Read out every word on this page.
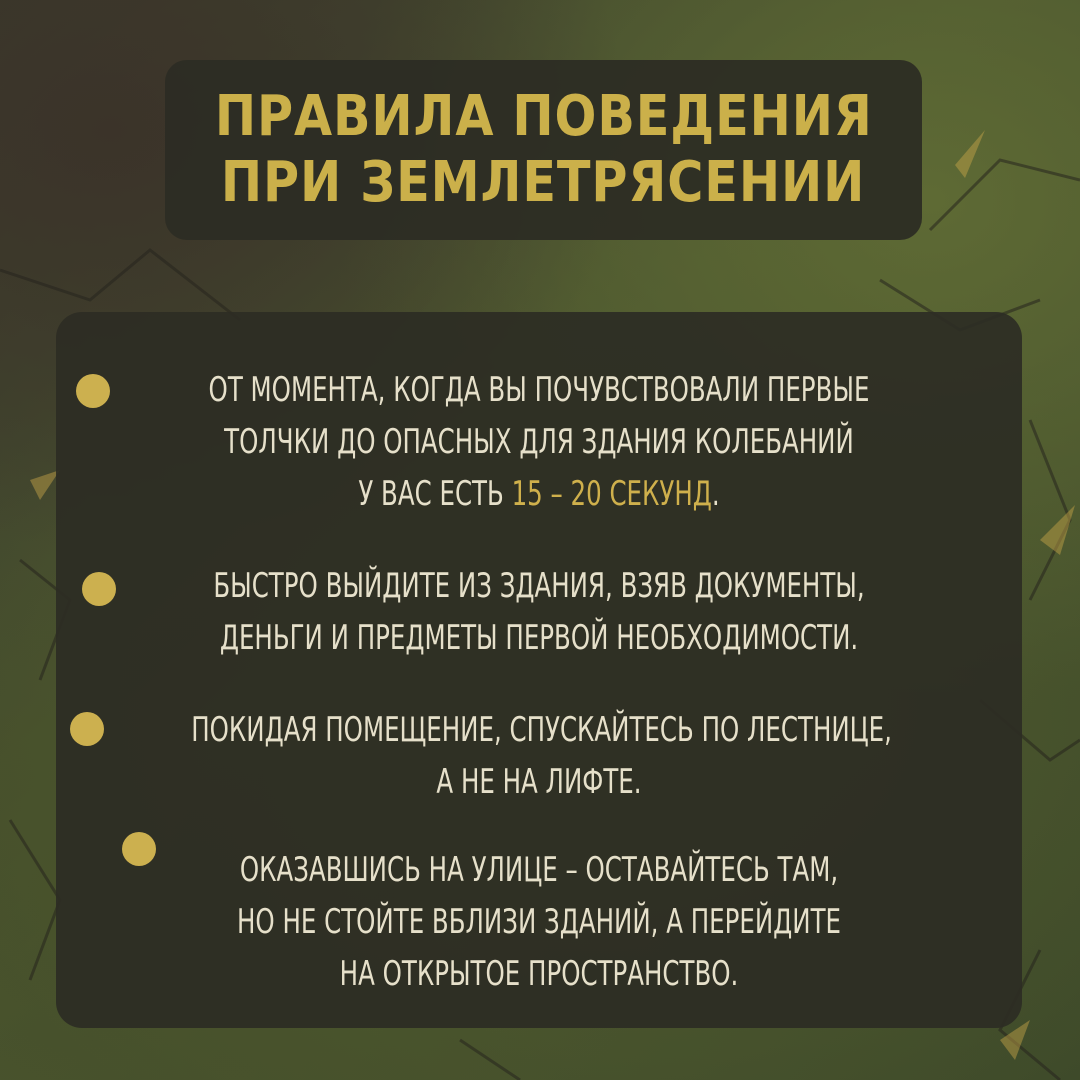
ПРАВИЛА ПОВЕДЕНИЯ
ПРИ ЗЕМЛЕТРЯСЕНИИ
ОТ МОМЕНТА, КОГДА ВЫ ПОЧУВСТВОВАЛИ ПЕРВЫЕ
ТОЛЧКИ ДО ОПАСНЫХ ДЛЯ ЗДАНИЯ КОЛЕБАНИЙ
У ВАС ЕСТЬ 15 – 20 СЕКУНД.
БЫСТРО ВЫЙДИТЕ ИЗ ЗДАНИЯ, ВЗЯВ ДОКУМЕНТЫ,
ДЕНЬГИ И ПРЕДМЕТЫ ПЕРВОЙ НЕОБХОДИМОСТИ.
ПОКИДАЯ ПОМЕЩЕНИЕ, СПУСКАЙТЕСЬ ПО ЛЕСТНИЦЕ,
А НЕ НА ЛИФТЕ.
ОКАЗАВШИСЬ НА УЛИЦЕ – ОСТАВАЙТЕСЬ ТАМ,
НО НЕ СТОЙТЕ ВБЛИЗИ ЗДАНИЙ, А ПЕРЕЙДИТЕ
НА ОТКРЫТОЕ ПРОСТРАНСТВО.
